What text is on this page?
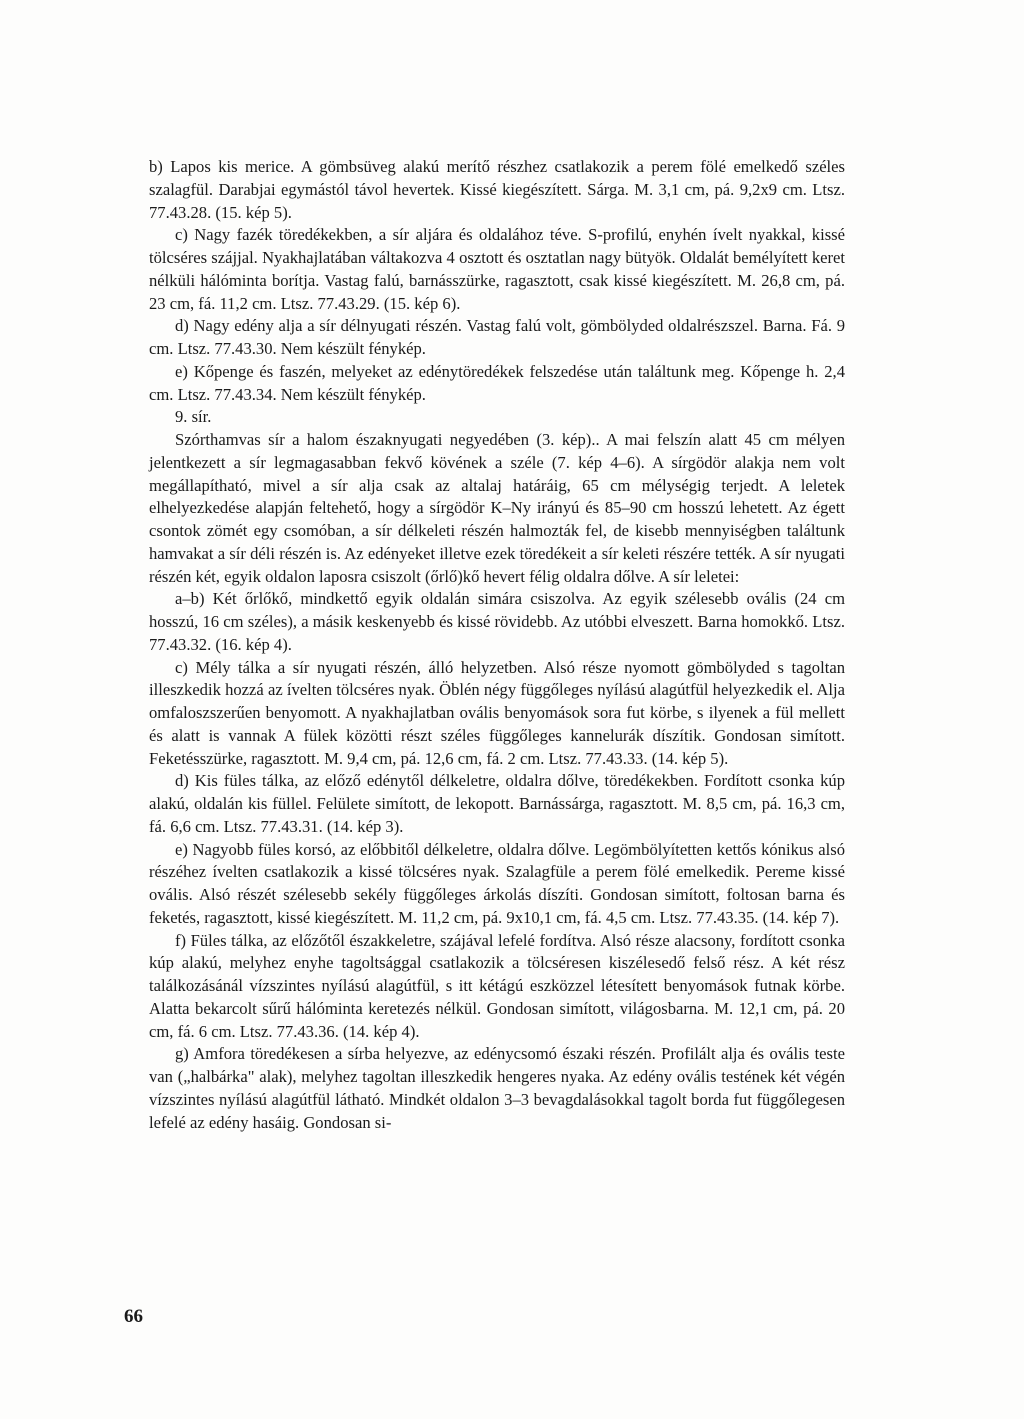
b) Lapos kis merice. A gömbsüveg alakú merítő részhez csatlakozik a perem fölé emelkedő széles szalagfül. Darabjai egymástól távol hevertek. Kissé kiegészített. Sárga. M. 3,1 cm, pá. 9,2x9 cm. Ltsz. 77.43.28. (15. kép 5).

c) Nagy fazék töredékekben, a sír aljára és oldalához téve. S-profilú, enyhén ívelt nyakkal, kissé tölcséres szájjal. Nyakhajlatában váltakozva 4 osztott és osztatlan nagy bütyök. Oldalát bemélyített keret nélküli hálóminta borítja. Vastag falú, barnásszürke, ragasztott, csak kissé kiegészített. M. 26,8 cm, pá. 23 cm, fá. 11,2 cm. Ltsz. 77.43.29. (15. kép 6).

d) Nagy edény alja a sír délnyugati részén. Vastag falú volt, gömbölyded oldalrészszel. Barna. Fá. 9 cm. Ltsz. 77.43.30. Nem készült fénykép.

e) Kőpenge és faszén, melyeket az edénytöredékek felszedése után találtunk meg. Kőpenge h. 2,4 cm. Ltsz. 77.43.34. Nem készült fénykép.

9. sír.

Szórthamvas sír a halom északnyugati negyedében (3. kép).. A mai felszín alatt 45 cm mélyen jelentkezett a sír legmagasabban fekvő kövének a széle (7. kép 4–6). A sírgödör alakja nem volt megállapítható, mivel a sír alja csak az altalaj határáig, 65 cm mélységig terjedt. A leletek elhelyezkedése alapján feltehető, hogy a sírgödör K–Ny irányú és 85–90 cm hosszú lehetett. Az égett csontok zömét egy csomóban, a sír délkeleti részén halmozták fel, de kisebb mennyiségben találtunk hamvakat a sír déli részén is. Az edényeket illetve ezek töredékeit a sír keleti részére tették. A sír nyugati részén két, egyik oldalon laposra csiszolt (őrlő)kő hevert félig oldalra dőlve. A sír leletei:

a–b) Két őrlőkő, mindkettő egyik oldalán simára csiszolva. Az egyik szélesebb ovális (24 cm hosszú, 16 cm széles), a másik keskenyebb és kissé rövidebb. Az utóbbi elveszett. Barna homokkő. Ltsz. 77.43.32. (16. kép 4).

c) Mély tálka a sír nyugati részén, álló helyzetben. Alsó része nyomott gömbölyded s tagoltan illeszkedik hozzá az ívelten tölcséres nyak. Öblén négy függőleges nyílású alagútfül helyezkedik el. Alja omfaloszszerűen benyomott. A nyakhajlatban ovális benyomások sora fut körbe, s ilyenek a fül mellett és alatt is vannak A fülek közötti részt széles függőleges kannelurák díszítik. Gondosan simított. Feketésszürke, ragasztott. M. 9,4 cm, pá. 12,6 cm, fá. 2 cm. Ltsz. 77.43.33. (14. kép 5).

d) Kis füles tálka, az előző edénytől délkeletre, oldalra dőlve, töredékekben. Fordított csonka kúp alakú, oldalán kis füllel. Felülete simított, de lekopott. Barnássárga, ragasztott. M. 8,5 cm, pá. 16,3 cm, fá. 6,6 cm. Ltsz. 77.43.31. (14. kép 3).

e) Nagyobb füles korsó, az előbbitől délkeletre, oldalra dőlve. Legömbölyítetten kettős kónikus alsó részéhez ívelten csatlakozik a kissé tölcséres nyak. Szalagfüle a perem fölé emelkedik. Pereme kissé ovális. Alsó részét szélesebb sekély függőleges árkolás díszíti. Gondosan simított, foltosan barna és feketés, ragasztott, kissé kiegészített. M. 11,2 cm, pá. 9x10,1 cm, fá. 4,5 cm. Ltsz. 77.43.35. (14. kép 7).

f) Füles tálka, az előzőtől északkeletre, szájával lefelé fordítva. Alsó része alacsony, fordított csonka kúp alakú, melyhez enyhe tagoltsággal csatlakozik a tölcséresen kiszélesedő felső rész. A két rész találkozásánál vízszintes nyílású alagútfül, s itt kétágú eszközzel létesített benyomások futnak körbe. Alatta bekarcolt sűrű hálóminta keretezés nélkül. Gondosan simított, világosbarna. M. 12,1 cm, pá. 20 cm, fá. 6 cm. Ltsz. 77.43.36. (14. kép 4).

g) Amfora töredékesen a sírba helyezve, az edénycsomó északi részén. Profilált alja és ovális teste van („halbárka" alak), melyhez tagoltan illeszkedik hengeres nyaka. Az edény ovális testének két végén vízszintes nyílású alagútfül látható. Mindkét oldalon 3–3 bevagdalásokkal tagolt borda fut függőlegesen lefelé az edény hasáig. Gondosan si-

66
